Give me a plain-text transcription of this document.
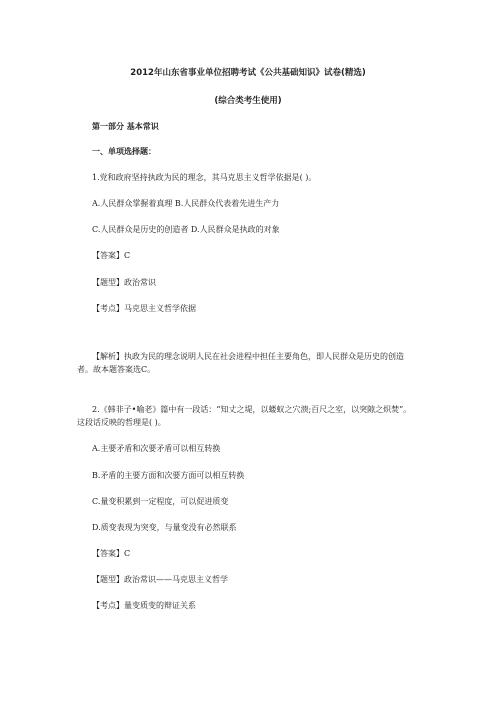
2012年山东省事业单位招聘考试《公共基础知识》试卷(精选)
(综合类考生使用)
第一部分 基本常识
一、单项选择题：
1.党和政府坚持执政为民的理念，其马克思主义哲学依据是( )。
A.人民群众掌握着真理 B.人民群众代表着先进生产力
C.人民群众是历史的创造者 D.人民群众是执政的对象
【答案】C
【题型】政治常识
【考点】马克思主义哲学依据
【解析】执政为民的理念说明人民在社会进程中担任主要角色，即人民群众是历史的创造者。故本题答案选C。
2.《韩非子•喻老》篇中有一段话：“知丈之堤，以蝼蚁之穴溃;百尺之室，以突隙之炽焚”。这段话反映的哲理是( )。
A.主要矛盾和次要矛盾可以相互转换
B.矛盾的主要方面和次要方面可以相互转换
C.量变积累到一定程度，可以促进质变
D.质变表现为突变，与量变没有必然联系
【答案】C
【题型】政治常识——马克思主义哲学
【考点】量变质变的辩证关系
